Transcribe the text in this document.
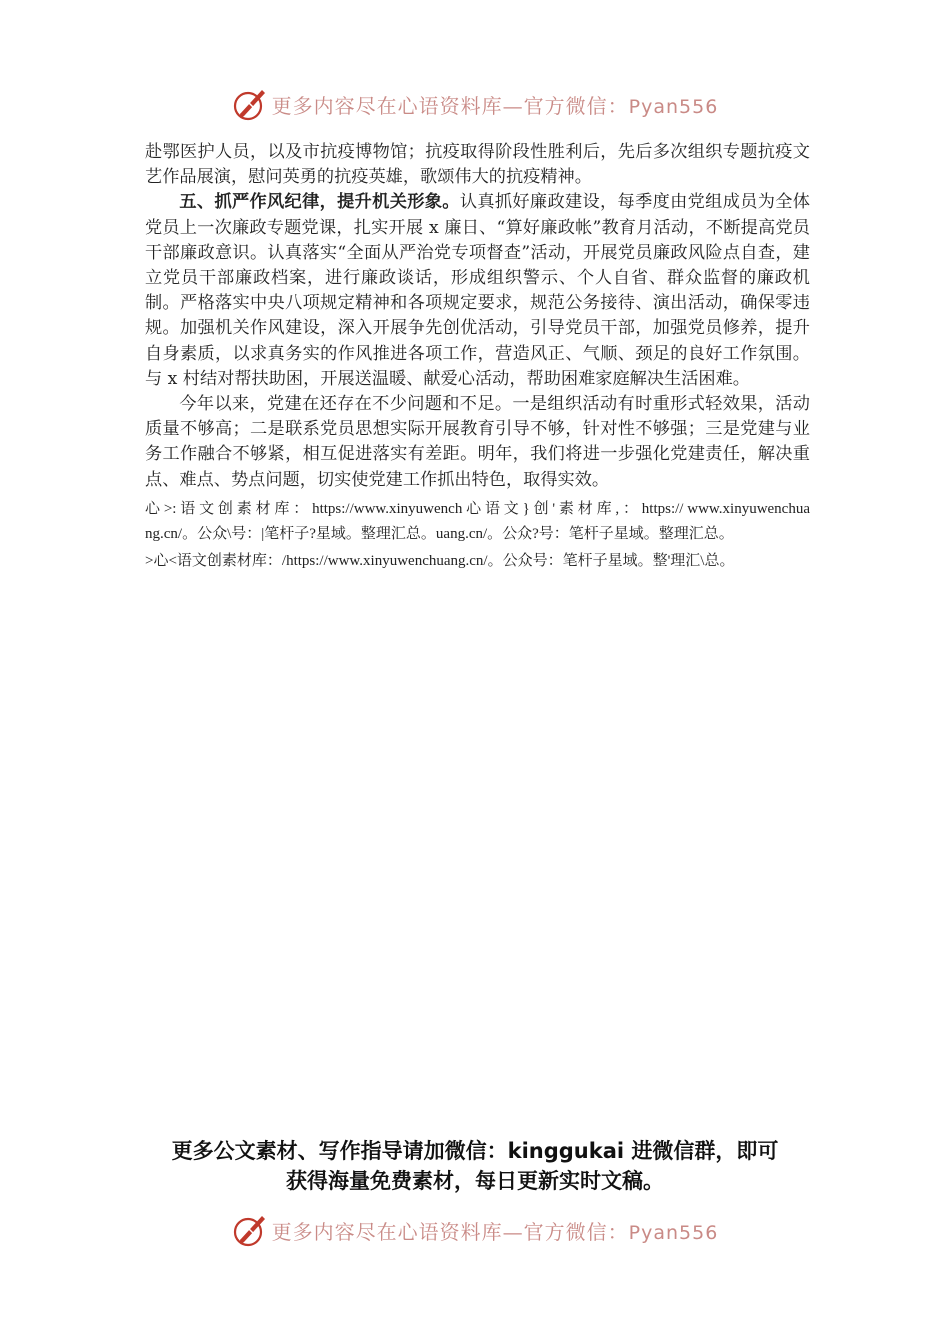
更多内容尽在心语资料库—官方微信：Pyan556

赴鄂医护人员，以及市抗疫博物馆；抗疫取得阶段性胜利后，先后多次组织专题抗疫文艺作品展演，慰问英勇的抗疫英雄，歌颂伟大的抗疫精神。

五、抓严作风纪律，提升机关形象。认真抓好廉政建设，每季度由党组成员为全体党员上一次廉政专题党课，扎实开展 x 廉日、“算好廉政帐”教育月活动，不断提高党员干部廉政意识。认真落实“全面从严治党专项督查”活动，开展党员廉政风险点自查，建立党员干部廉政档案，进行廉政谈话，形成组织警示、个人自省、群众监督的廉政机制。严格落实中央八项规定精神和各项规定要求，规范公务接待、演出活动，确保零违规。加强机关作风建设，深入开展争先创优活动，引导党员干部，加强党员修养，提升自身素质，以求真务实的作风推进各项工作，营造风正、气顺、颈足的良好工作氛围。与 x 村结对帮扶助困，开展送温暖、献爱心活动，帮助困难家庭解决生活困难。

今年以来，党建在还存在不少问题和不足。一是组织活动有时重形式轻效果，活动质量不够高；二是联系党员思想实际开展教育引导不够，针对性不够强；三是党建与业务工作融合不够紧，相互促进落实有差距。明年，我们将进一步强化党建责任，解决重点、难点、势点问题，切实使党建工作抓出特色，取得实效。

心 >: 语 文 创 素 材 库 ： https://www.xinyuwench 心 语 文 } 创 ' 素 材 库 , ： https:// www.xinyuwenchuang.cn/。公众\号：|笔杆子?星域。整理汇总。uang.cn/。公众?号：笔杆子星域。整理汇总。

>心<语文创素材库：/https://www.xinyuwenchuang.cn/。公众号：笔杆子星域。整'理汇\总。

更多公文素材、写作指导请加微信：kinggukai 进微信群，即可
获得海量免费素材，每日更新实时文稿。
更多内容尽在心语资料库—官方微信：Pyan556
